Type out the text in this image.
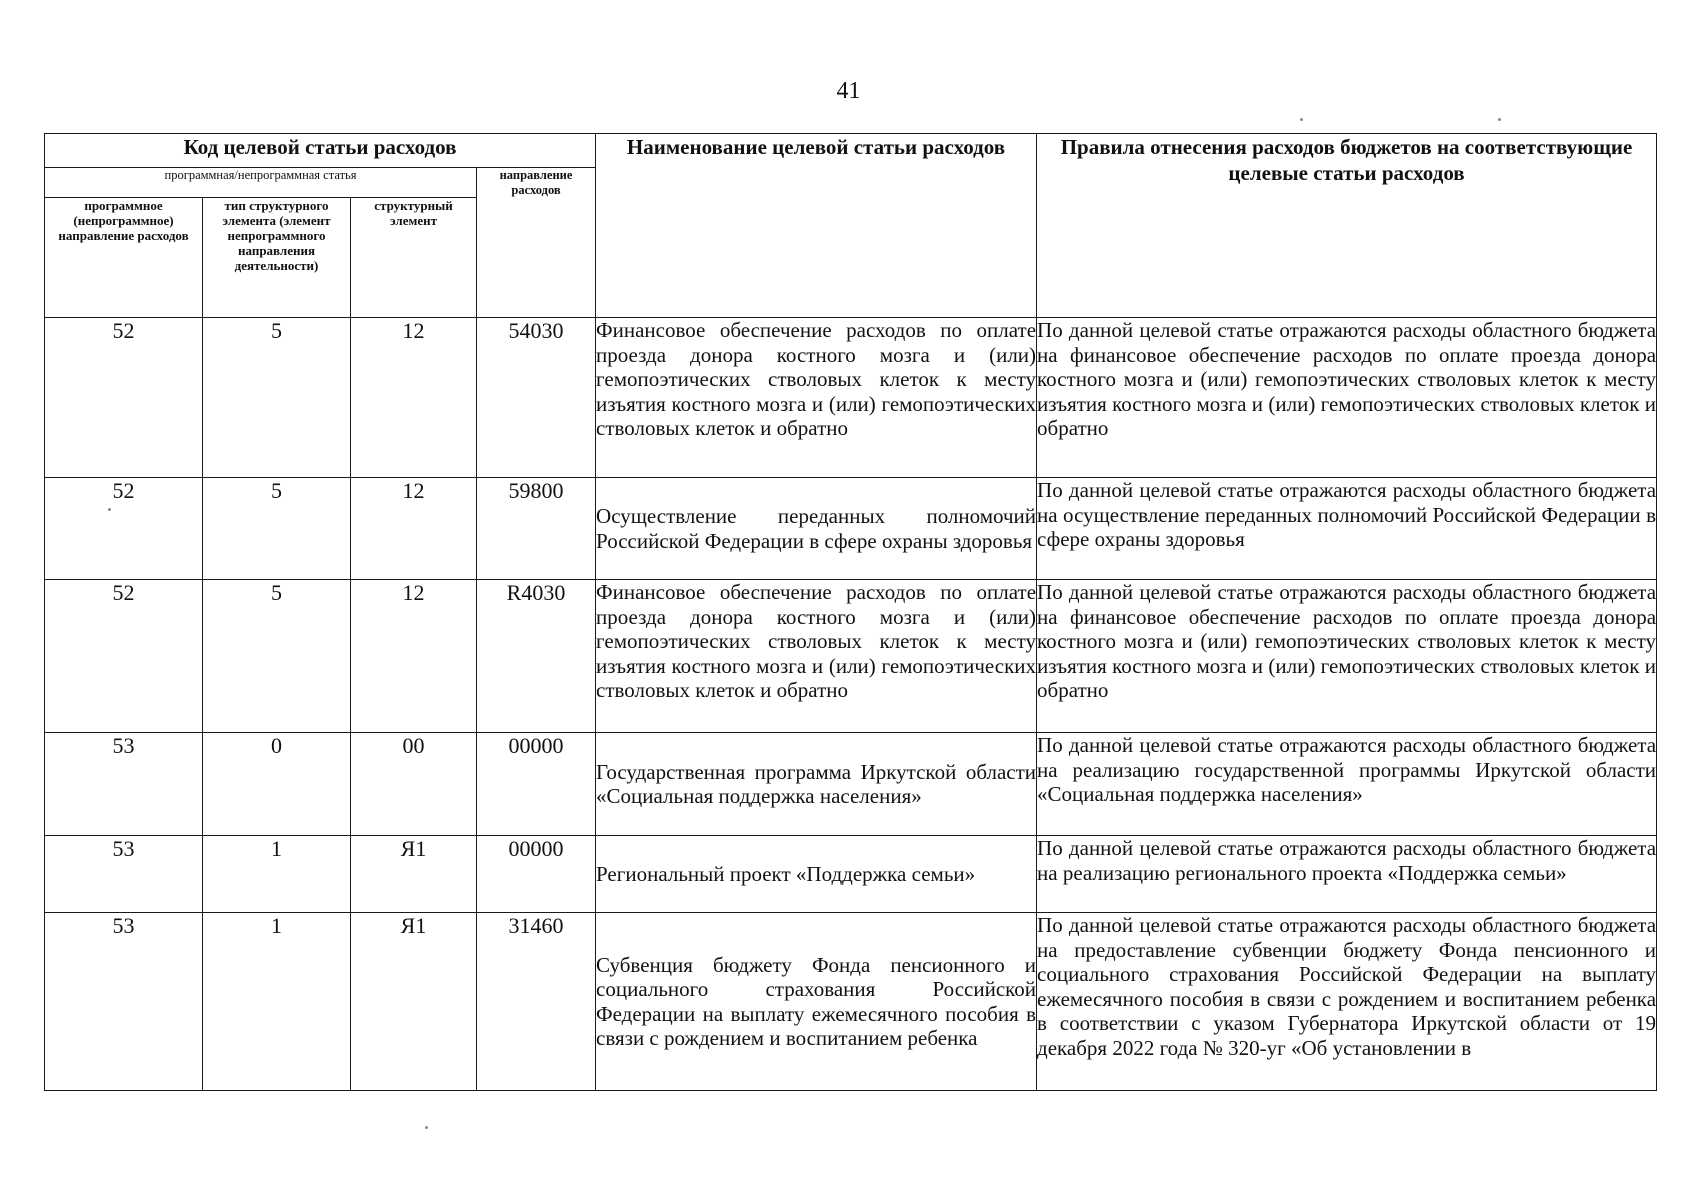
41
Код целевой статьи расходов				Наименование целевой статьи расходов	Правила отнесения расходов бюджетов на соответствующие целевые статьи расходов
программная/непрограммная статья			направление расходов		
программное (непрограммное) направление расходов	тип структурного элемента (элемент непрограммного направления деятельности)	структурный элемент			
52	5	12	54030	Финансовое обеспечение расходов по оплате проезда донора костного мозга и (или) гемопоэтических стволовых клеток к месту изъятия костного мозга и (или) гемопоэтических стволовых клеток и обратно	По данной целевой статье отражаются расходы областного бюджета на финансовое обеспечение расходов по оплате проезда донора костного мозга и (или) гемопоэтических стволовых клеток к месту изъятия костного мозга и (или) гемопоэтических стволовых клеток и обратно
52	5	12	59800	Осуществление переданных полномочий Российской Федерации в сфере охраны здоровья	По данной целевой статье отражаются расходы областного бюджета на осуществление переданных полномочий Российской Федерации в сфере охраны здоровья
52	5	12	R4030	Финансовое обеспечение расходов по оплате проезда донора костного мозга и (или) гемопоэтических стволовых клеток к месту изъятия костного мозга и (или) гемопоэтических стволовых клеток и обратно	По данной целевой статье отражаются расходы областного бюджета на финансовое обеспечение расходов по оплате проезда донора костного мозга и (или) гемопоэтических стволовых клеток к месту изъятия костного мозга и (или) гемопоэтических стволовых клеток и обратно
53	0	00	00000	Государственная программа Иркутской области «Социальная поддержка населения»	По данной целевой статье отражаются расходы областного бюджета на реализацию государственной программы Иркутской области «Социальная поддержка населения»
53	1	Я1	00000	Региональный проект «Поддержка семьи»	По данной целевой статье отражаются расходы областного бюджета на реализацию регионального проекта «Поддержка семьи»
53	1	Я1	31460	Субвенция бюджету Фонда пенсионного и социального страхования Российской Федерации на выплату ежемесячного пособия в связи с рождением и воспитанием ребенка	По данной целевой статье отражаются расходы областного бюджета на предоставление субвенции бюджету Фонда пенсионного и социального страхования Российской Федерации на выплату ежемесячного пособия в связи с рождением и воспитанием ребенка в соответствии с указом Губернатора Иркутской области от 19 декабря 2022 года № 320-уг «Об установлении в
